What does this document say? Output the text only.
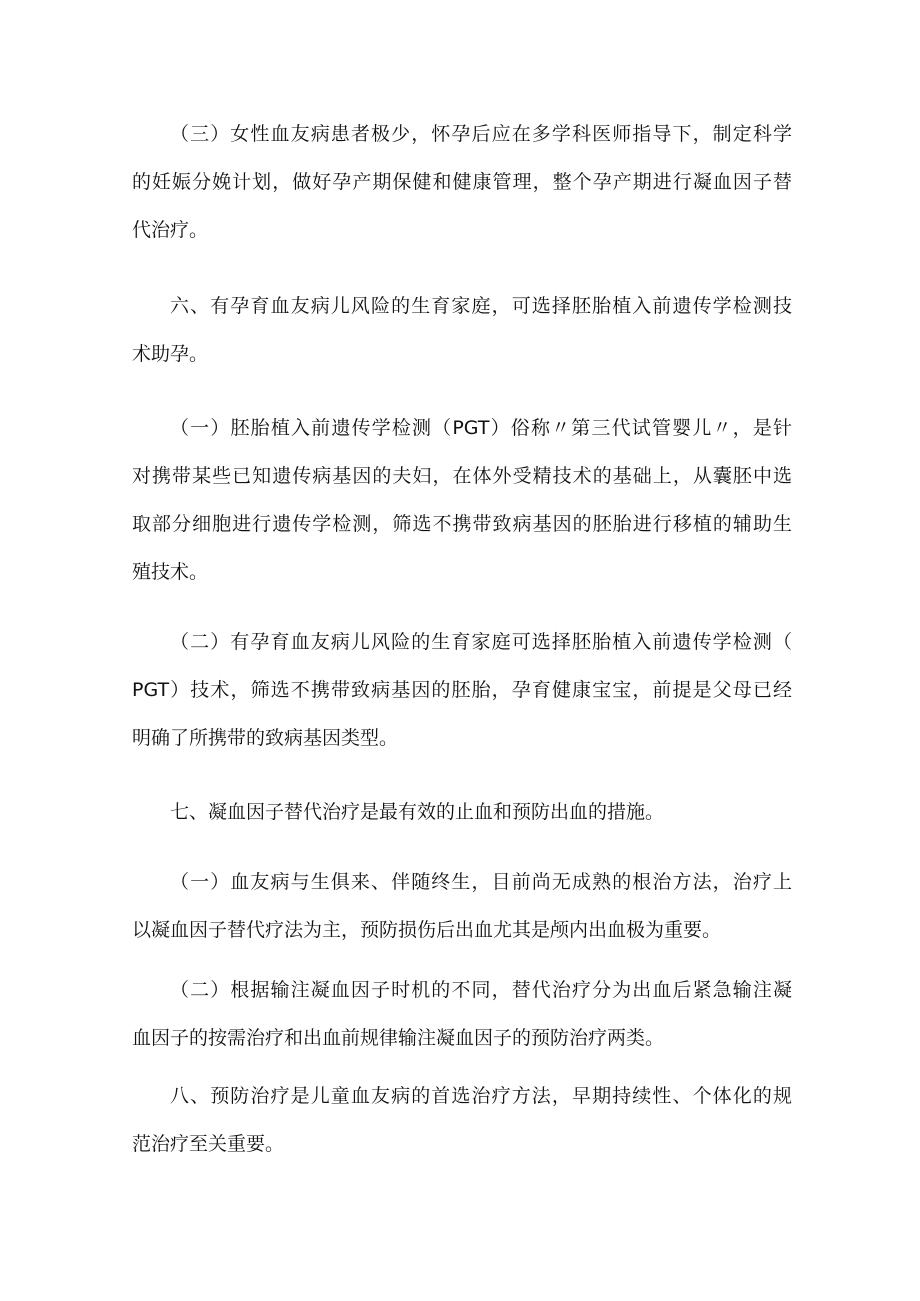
（三）女性血友病患者极少，怀孕后应在多学科医师指导下，制定科学
的妊娠分娩计划，做好孕产期保健和健康管理，整个孕产期进行凝血因子替
代治疗。
六、有孕育血友病儿风险的生育家庭，可选择胚胎植入前遗传学检测技
术助孕。
（一）胚胎植入前遗传学检测（PGT）俗称〃第三代试管婴儿〃，是针
对携带某些已知遗传病基因的夫妇，在体外受精技术的基础上，从囊胚中选
取部分细胞进行遗传学检测，筛选不携带致病基因的胚胎进行移植的辅助生
殖技术。
（二）有孕育血友病儿风险的生育家庭可选择胚胎植入前遗传学检测（
PGT）技术，筛选不携带致病基因的胚胎，孕育健康宝宝，前提是父母已经
明确了所携带的致病基因类型。
七、凝血因子替代治疗是最有效的止血和预防出血的措施。
（一）血友病与生俱来、伴随终生，目前尚无成熟的根治方法，治疗上
以凝血因子替代疗法为主，预防损伤后出血尤其是颅内出血极为重要。
（二）根据输注凝血因子时机的不同，替代治疗分为出血后紧急输注凝
血因子的按需治疗和出血前规律输注凝血因子的预防治疗两类。
八、预防治疗是儿童血友病的首选治疗方法，早期持续性、个体化的规
范治疗至关重要。
